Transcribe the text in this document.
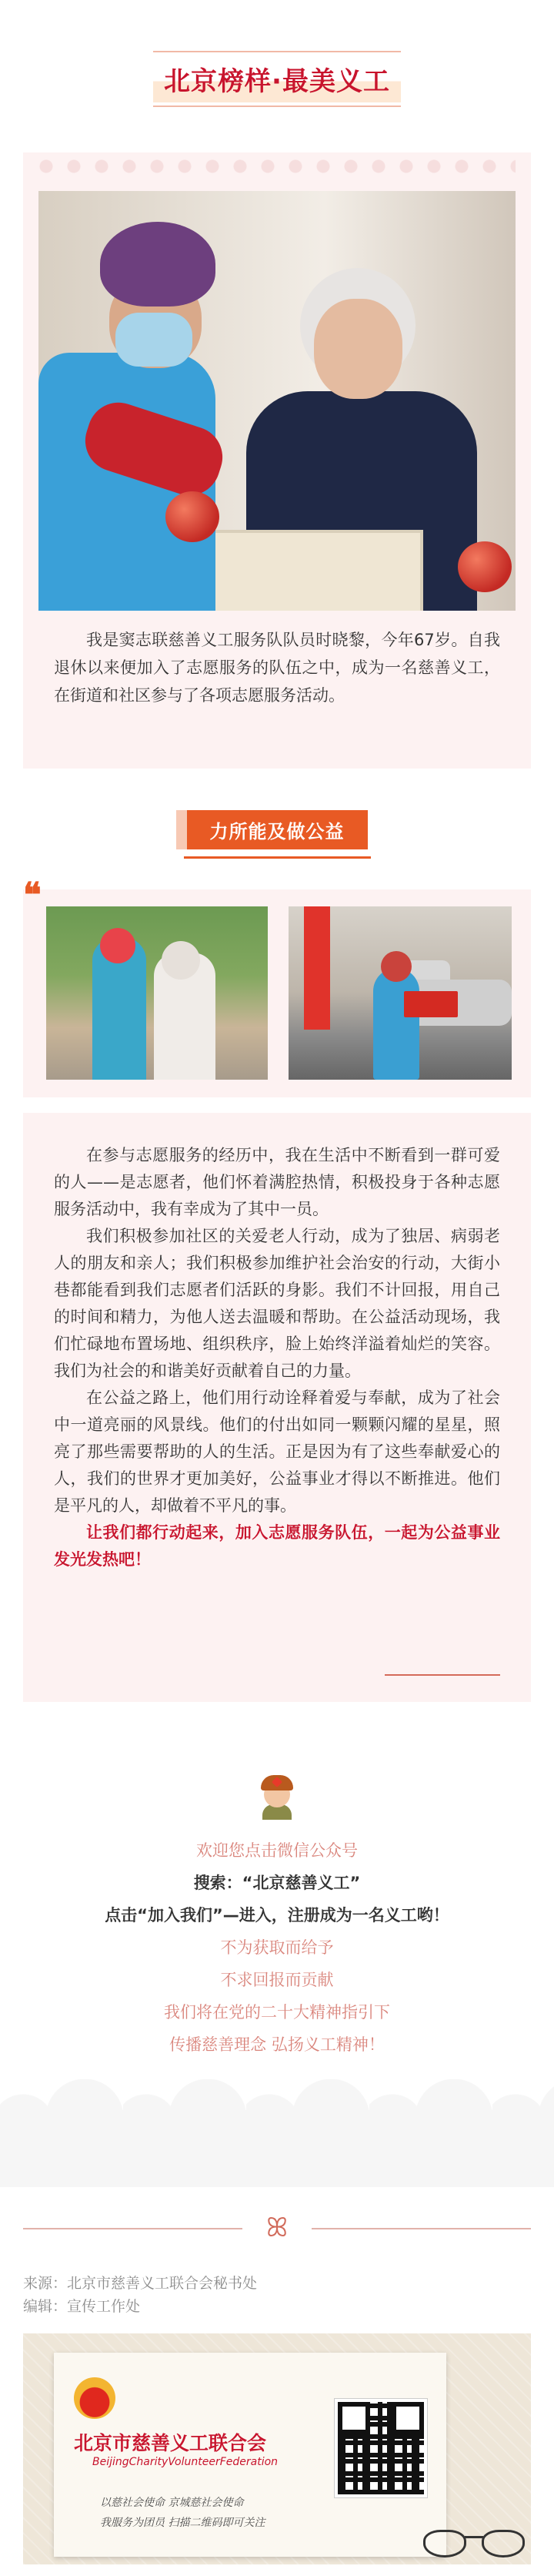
北京榜样·最美义工
我是窦志联慈善义工服务队队员时晓黎，今年67岁。自我退休以来便加入了志愿服务的队伍之中，成为一名慈善义工，在街道和社区参与了各项志愿服务活动。
力所能及做公益
❝

在参与志愿服务的经历中，我在生活中不断看到一群可爱的人——是志愿者，他们怀着满腔热情，积极投身于各种志愿服务活动中，我有幸成为了其中一员。

我们积极参加社区的关爱老人行动，成为了独居、病弱老人的朋友和亲人；我们积极参加维护社会治安的行动，大街小巷都能看到我们志愿者们活跃的身影。我们不计回报，用自己的时间和精力，为他人送去温暖和帮助。在公益活动现场，我们忙碌地布置场地、组织秩序，脸上始终洋溢着灿烂的笑容。我们为社会的和谐美好贡献着自己的力量。

在公益之路上，他们用行动诠释着爱与奉献，成为了社会中一道亮丽的风景线。他们的付出如同一颗颗闪耀的星星，照亮了那些需要帮助的人的生活。正是因为有了这些奉献爱心的人，我们的世界才更加美好，公益事业才得以不断推进。他们是平凡的人，却做着不平凡的事。

让我们都行动起来，加入志愿服务队伍，一起为公益事业发光发热吧！

欢迎您点击微信公众号
搜索：“北京慈善义工”
点击“加入我们”—进入，注册成为一名义工哟！
不为获取而给予
不求回报而贡献
我们将在党的二十大精神指引下
传播慈善理念 弘扬义工精神！
ꕤ
来源：北京市慈善义工联合会秘书处
编辑：宣传工作处
北京市慈善义工联合会
BeijingCharityVolunteerFederation
以慈社会使命 京城慈社会使命
我服务为团员 扫描二维码即可关注
